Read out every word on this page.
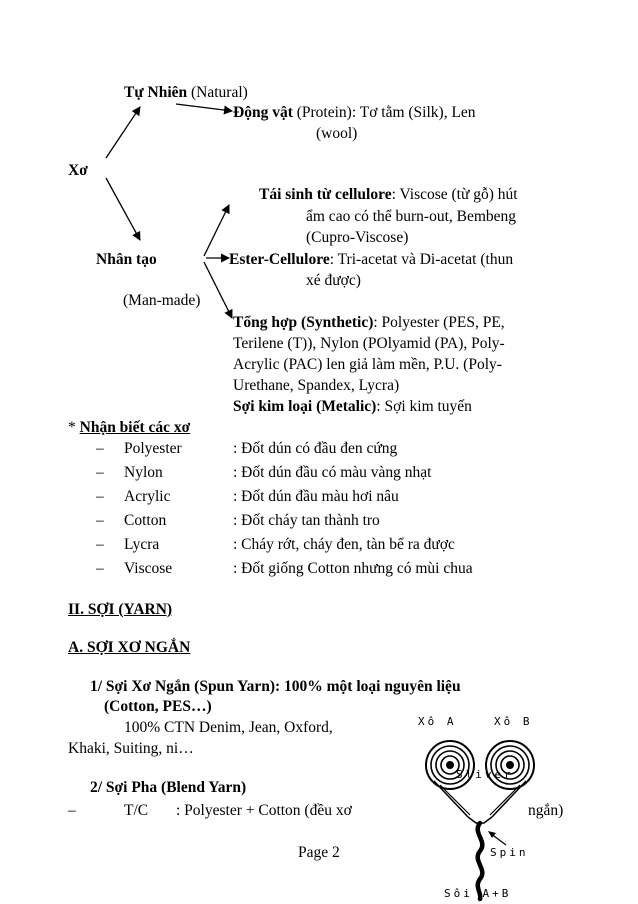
Tự Nhiên (Natural)
Động vật (Protein): Tơ tằm (Silk), Len
(wool)
Xơ
Tái sinh từ cellulore: Viscose (từ gỗ) hút
ẩm cao có thể burn-out, Bembeng
(Cupro-Viscose)
Nhân tạo	Ester-Cellulore: Tri-acetat và Di-acetat (thun
xé được)
(Man-made)
Tổng hợp (Synthetic): Polyester (PES, PE,
Terilene (T)), Nylon (POlyamid (PA), Poly-
Acrylic (PAC) len giả làm mền, P.U. (Poly-
Urethane, Spandex, Lycra)
Sợi kim loại (Metalic): Sợi kim tuyến
* Nhận biết các xơ
– Polyester	: Đốt dún có đầu đen cứng
– Nylon	: Đốt dún đầu có màu vàng nhạt
– Acrylic	: Đốt dún đầu màu hơi nâu
– Cotton	: Đốt cháy tan thành tro
– Lycra	: Cháy rớt, cháy đen, tàn bể ra được
– Viscose	: Đốt giống Cotton nhưng có mùi chua
II. SỢI (YARN)
A. SỢI XƠ NGẮN
1/ Sợi Xơ Ngắn (Spun Yarn): 100% một loại nguyên liệu
(Cotton, PES…)
100% CTN Denim, Jean, Oxford,
Khaki, Suiting, ni…
2/ Sợi Pha (Blend Yarn)
–	T/C : Polyester + Cotton (đều xơ	ngắn)
Xô A	Xô B
Sliver
Spin
Sôi A+B
Page 2
